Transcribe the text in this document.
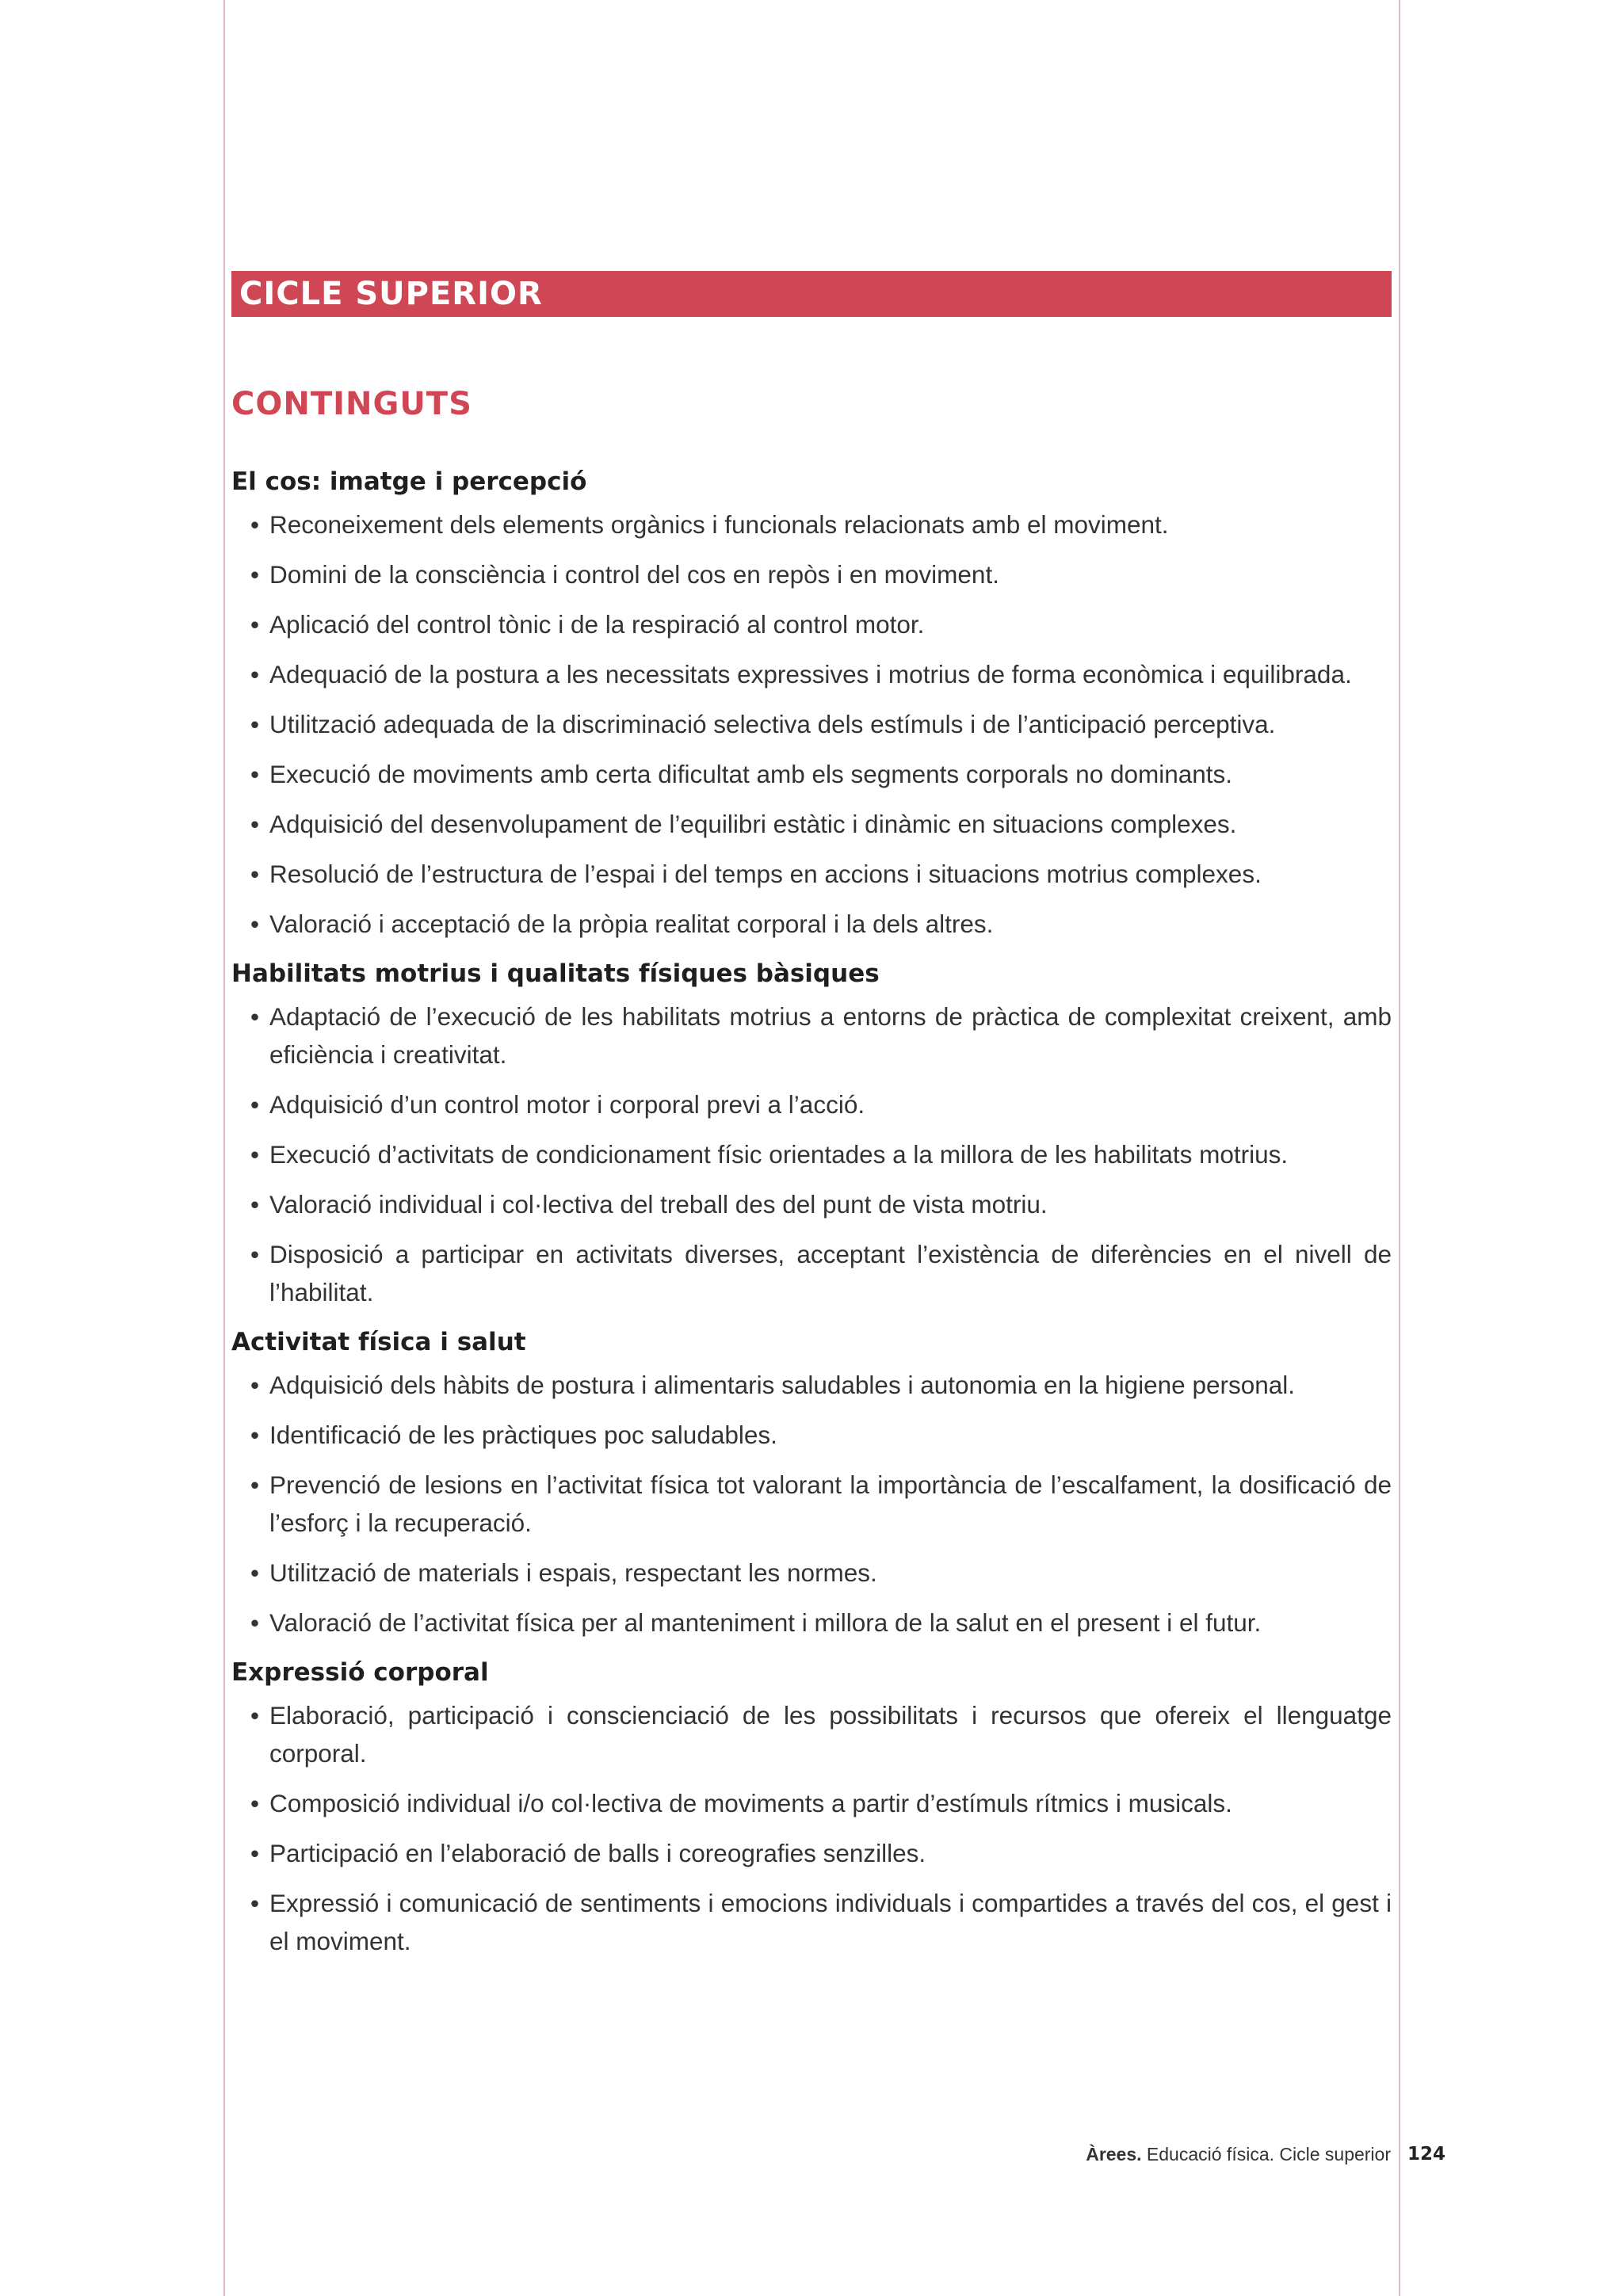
CICLE SUPERIOR
CONTINGUTS
El cos: imatge i percepció
• Reconeixement dels elements orgànics i funcionals relacionats amb el moviment.
• Domini de la consciència i control del cos en repòs i en moviment.
• Aplicació del control tònic i de la respiració al control motor.
• Adequació de la postura a les necessitats expressives i motrius de forma econòmica i equilibrada.
• Utilització adequada de la discriminació selectiva dels estímuls i de l’anticipació perceptiva.
• Execució de moviments amb certa dificultat amb els segments corporals no dominants.
• Adquisició del desenvolupament de l’equilibri estàtic i dinàmic en situacions complexes.
• Resolució de l’estructura de l’espai i del temps en accions i situacions motrius complexes.
• Valoració i acceptació de la pròpia realitat corporal i la dels altres.
Habilitats motrius i qualitats físiques bàsiques
• Adaptació de l’execució de les habilitats motrius a entorns de pràctica de complexitat creixent, amb eficiència i creativitat.
• Adquisició d’un control motor i corporal previ a l’acció.
• Execució d’activitats de condicionament físic orientades a la millora de les habilitats motrius.
• Valoració individual i col·lectiva del treball des del punt de vista motriu.
• Disposició a participar en activitats diverses, acceptant l’existència de diferències en el nivell de l’habilitat.
Activitat física i salut
• Adquisició dels hàbits de postura i alimentaris saludables i autonomia en la higiene personal.
• Identificació de les pràctiques poc saludables.
• Prevenció de lesions en l’activitat física tot valorant la importància de l’escalfament, la dosificació de l’esforç i la recuperació.
• Utilització de materials i espais, respectant les normes.
• Valoració de l’activitat física per al manteniment i millora de la salut en el present i el futur.
Expressió corporal
• Elaboració, participació i conscienciació de les possibilitats i recursos que ofereix el llenguatge corporal.
• Composició individual i/o col·lectiva de moviments a partir d’estímuls rítmics i musicals.
• Participació en l’elaboració de balls i coreografies senzilles.
• Expressió i comunicació de sentiments i emocions individuals i compartides a través del cos, el gest i el moviment.
Àrees. Educació física. Cicle superior 124
